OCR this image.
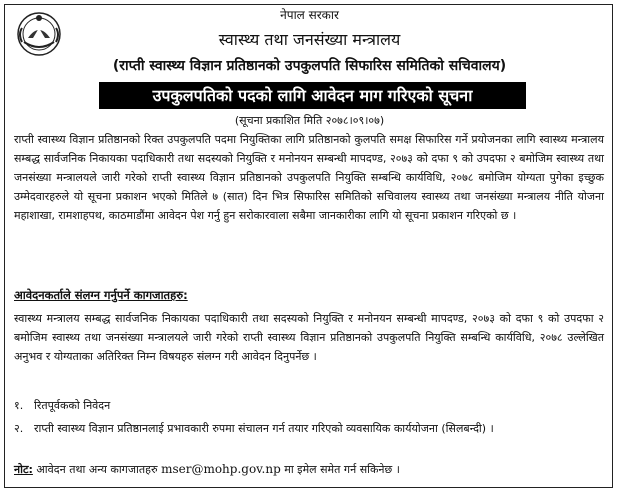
नेपाल सरकार
स्वास्थ्य तथा जनसंख्या मन्त्रालय
(राप्ती स्वास्थ्य विज्ञान प्रतिष्ठानको उपकुलपति सिफारिस समितिको सचिवालय)
उपकुलपतिको पदको लागि आवेदन माग गरिएको सूचना
(सूचना प्रकाशित मिति २०७८।०९।०७)
राप्ती स्वास्थ्य विज्ञान प्रतिष्ठानको रिक्त उपकुलपति पदमा नियुक्तिका लागि प्रतिष्ठानको कुलपति समक्ष सिफारिस गर्ने प्रयोजनका लागि स्वास्थ्य मन्त्रालय सम्बद्ध सार्वजनिक निकायका पदाधिकारी तथा सदस्यको नियुक्ति र मनोनयन सम्बन्धी मापदण्ड, २०७३ को दफा ९ को उपदफा २ बमोजिम स्वास्थ्य तथा जनसंख्या मन्त्रालयले जारी गरेको राप्ती स्वास्थ्य विज्ञान प्रतिष्ठानको उपकुलपति नियुक्ति सम्बन्धि कार्यविधि, २०७८ बमोजिम योग्यता पुगेका इच्छुक उम्मेदवारहरुले यो सूचना प्रकाशन भएको मितिले ७ (सात) दिन भित्र सिफारिस समितिको सचिवालय स्वास्थ्य तथा जनसंख्या मन्त्रालय नीति योजना महाशाखा, रामशाहपथ, काठमाडौंमा आवेदन पेश गर्नु हुन सरोकारवाला सबैमा जानकारीका लागि यो सूचना प्रकाशन गरिएको छ ।
आवेदनकर्ताले संलग्न गर्नुपर्ने कागजातहरु:
स्वास्थ्य मन्त्रालय सम्बद्ध सार्वजनिक निकायका पदाधिकारी तथा सदस्यको नियुक्ति र मनोनयन सम्बन्धी मापदण्ड, २०७३ को दफा ९ को उपदफा २ बमोजिम स्वास्थ्य तथा जनसंख्या मन्त्रालयले जारी गरेको राप्ती स्वास्थ्य विज्ञान प्रतिष्ठानको उपकुलपति नियुक्ति सम्बन्धि कार्यविधि, २०७८ उल्लेखित अनुभव र योग्यताका अतिरिक्त निम्न विषयहरु संलग्न गरी आवेदन दिनुपर्नेछ ।
१. रितपूर्वकको निवेदन
२. राप्ती स्वास्थ्य विज्ञान प्रतिष्ठानलाई प्रभावकारी रुपमा संचालन गर्न तयार गरिएको व्यवसायिक कार्ययोजना (सिलबन्दी) ।
नोट: आवेदन तथा अन्य कागजातहरु mser@mohp.gov.np मा इमेल समेत गर्न सकिनेछ ।
